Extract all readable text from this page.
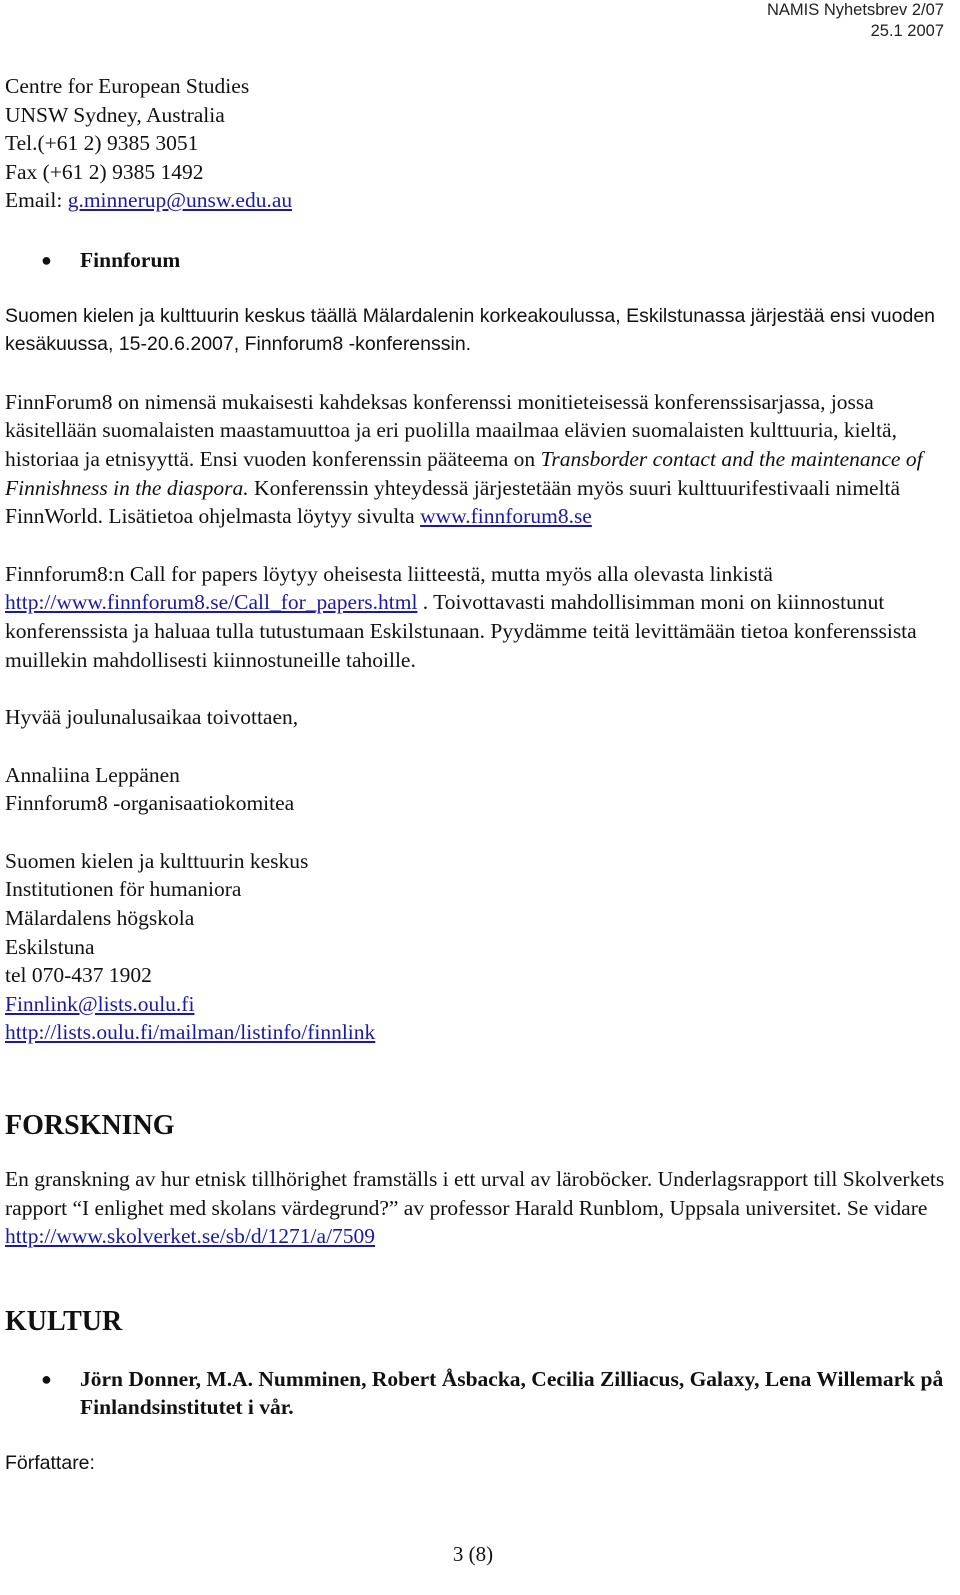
NAMIS Nyhetsbrev 2/07
25.1 2007

Centre for European Studies

UNSW Sydney, Australia

Tel.(+61 2) 9385 3051

Fax (+61 2) 9385 1492

Email: g.minnerup@unsw.edu.au

●	Finnforum

Suomen kielen ja kulttuurin keskus täällä Mälardalenin korkeakoulussa, Eskilstunassa järjestää ensi vuoden kesäkuussa, 15-20.6.2007, Finnforum8 -konferenssin.

FinnForum8 on nimensä mukaisesti kahdeksas konferenssi monitieteisessä konferenssisarjassa, jossa käsitellään suomalaisten maastamuuttoa ja eri puolilla maailmaa elävien suomalaisten kulttuuria, kieltä, historiaa ja etnisyyttä. Ensi vuoden konferenssin pääteema on Transborder contact and the maintenance of Finnishness in the diaspora. Konferenssin yhteydessä järjestetään myös suuri kulttuurifestivaali nimeltä FinnWorld. Lisätietoa ohjelmasta löytyy sivulta www.finnforum8.se

Finnforum8:n Call for papers löytyy oheisesta liitteestä, mutta myös alla olevasta linkistä http://www.finnforum8.se/Call_for_papers.html . Toivottavasti mahdollisimman moni on kiinnostunut konferenssista ja haluaa tulla tutustumaan Eskilstunaan. Pyydämme teitä levittämään tietoa konferenssista muillekin mahdollisesti kiinnostuneille tahoille.

Hyvää joulunalusaikaa toivottaen,

Annaliina Leppänen

Finnforum8 -organisaatiokomitea

Suomen kielen ja kulttuurin keskus

Institutionen för humaniora

Mälardalens högskola

Eskilstuna

tel 070-437 1902

Finnlink@lists.oulu.fi

http://lists.oulu.fi/mailman/listinfo/finnlink

FORSKNING

En granskning av hur etnisk tillhörighet framställs i ett urval av läroböcker. Underlagsrapport till Skolverkets rapport “I enlighet med skolans värdegrund?” av professor Harald Runblom, Uppsala universitet. Se vidare http://www.skolverket.se/sb/d/1271/a/7509

KULTUR
●	Jörn Donner, M.A. Numminen, Robert Åsbacka, Cecilia Zilliacus, Galaxy, Lena Willemark på Finlandsinstitutet i vår.

Författare:

3 (8)
